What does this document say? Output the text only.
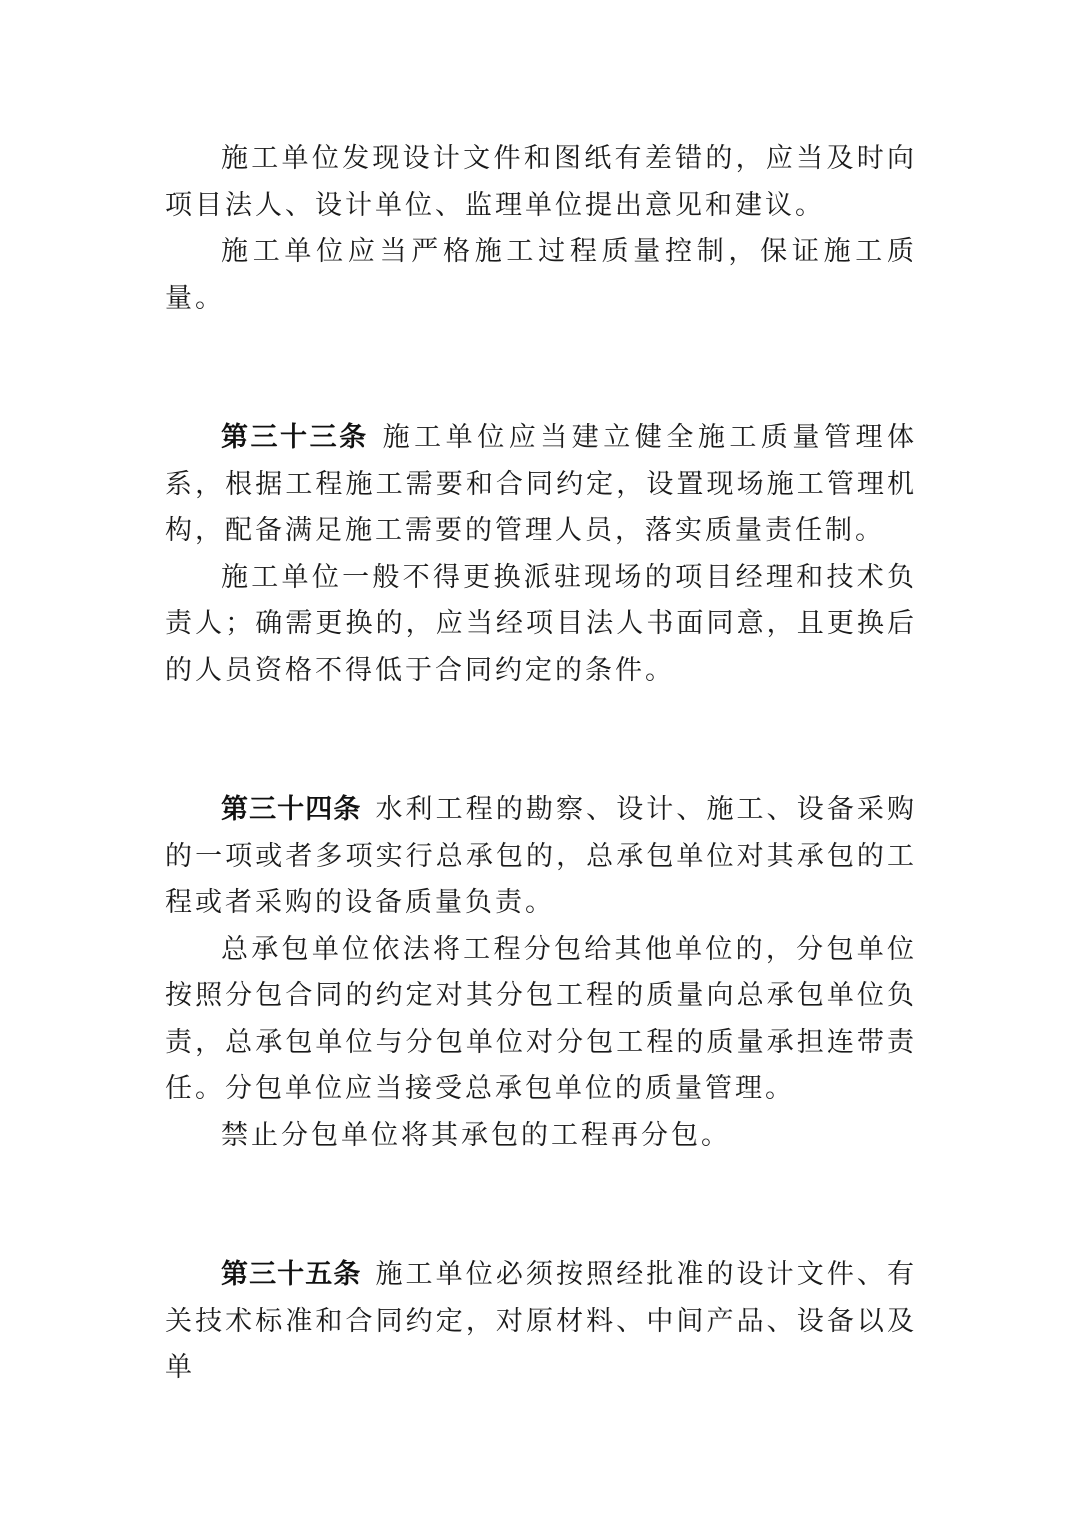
施工单位发现设计文件和图纸有差错的，应当及时向项目法人、设计单位、监理单位提出意见和建议。

施工单位应当严格施工过程质量控制，保证施工质量。

第三十三条 施工单位应当建立健全施工质量管理体系，根据工程施工需要和合同约定，设置现场施工管理机构，配备满足施工需要的管理人员，落实质量责任制。

施工单位一般不得更换派驻现场的项目经理和技术负责人；确需更换的，应当经项目法人书面同意，且更换后的人员资格不得低于合同约定的条件。

第三十四条 水利工程的勘察、设计、施工、设备采购的一项或者多项实行总承包的，总承包单位对其承包的工程或者采购的设备质量负责。

总承包单位依法将工程分包给其他单位的，分包单位按照分包合同的约定对其分包工程的质量向总承包单位负责，总承包单位与分包单位对分包工程的质量承担连带责任。分包单位应当接受总承包单位的质量管理。

禁止分包单位将其承包的工程再分包。

第三十五条 施工单位必须按照经批准的设计文件、有关技术标准和合同约定，对原材料、中间产品、设备以及单
